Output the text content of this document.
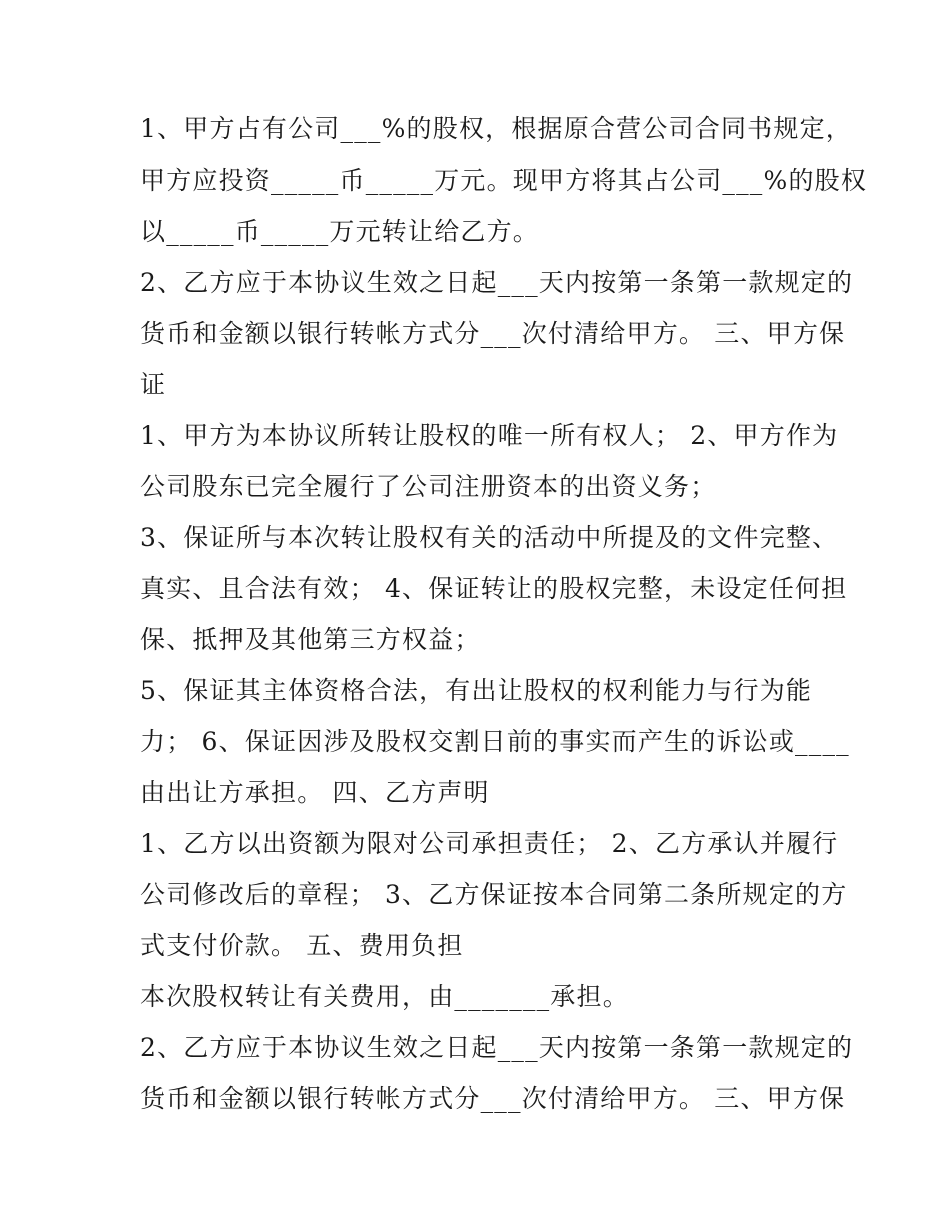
1、甲方占有公司___%的股权，根据原合营公司合同书规定，
甲方应投资_____币_____万元。现甲方将其占公司___%的股权
以_____币_____万元转让给乙方。
2、乙方应于本协议生效之日起___天内按第一条第一款规定的
货币和金额以银行转帐方式分___次付清给甲方。 三、甲方保
证
1、甲方为本协议所转让股权的唯一所有权人； 2、甲方作为
公司股东已完全履行了公司注册资本的出资义务；
3、保证所与本次转让股权有关的活动中所提及的文件完整、
真实、且合法有效； 4、保证转让的股权完整，未设定任何担
保、抵押及其他第三方权益；
5、保证其主体资格合法，有出让股权的权利能力与行为能
力； 6、保证因涉及股权交割日前的事实而产生的诉讼或____
由出让方承担。 四、乙方声明
1、乙方以出资额为限对公司承担责任； 2、乙方承认并履行
公司修改后的章程； 3、乙方保证按本合同第二条所规定的方
式支付价款。 五、费用负担
本次股权转让有关费用，由_______承担。
2、乙方应于本协议生效之日起___天内按第一条第一款规定的
货币和金额以银行转帐方式分___次付清给甲方。 三、甲方保
